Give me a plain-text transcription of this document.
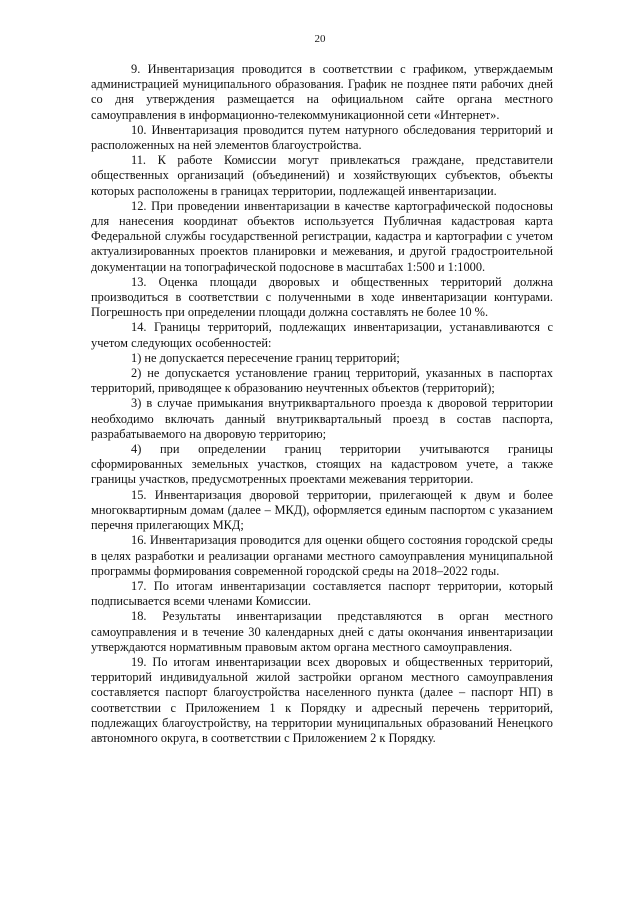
20

9. Инвентаризация проводится в соответствии с графиком, утверждаемым администрацией муниципального образования. График не позднее пяти рабочих дней со дня утверждения размещается на официальном сайте органа местного самоуправления в информационно-телекоммуникационной сети «Интернет».

10. Инвентаризация проводится путем натурного обследования территорий и расположенных на ней элементов благоустройства.

11. К работе Комиссии могут привлекаться граждане, представители общественных организаций (объединений) и хозяйствующих субъектов, объекты которых расположены в границах территории, подлежащей инвентаризации.

12. При проведении инвентаризации в качестве картографической подосновы для нанесения координат объектов используется Публичная кадастровая карта Федеральной службы государственной регистрации, кадастра и картографии с учетом актуализированных проектов планировки и межевания, и другой градостроительной документации на топографической подоснове в масштабах 1:500 и 1:1000.

13. Оценка площади дворовых и общественных территорий должна производиться в соответствии с полученными в ходе инвентаризации контурами. Погрешность при определении площади должна составлять не более 10 %.

14. Границы территорий, подлежащих инвентаризации, устанавливаются с учетом следующих особенностей:

1) не допускается пересечение границ территорий;

2) не допускается установление границ территорий, указанных в паспортах территорий, приводящее к образованию неучтенных объектов (территорий);

3) в случае примыкания внутриквартального проезда к дворовой территории необходимо включать данный внутриквартальный проезд в состав паспорта, разрабатываемого на дворовую территорию;

4) при определении границ территории учитываются границы сформированных земельных участков, стоящих на кадастровом учете, а также границы участков, предусмотренных проектами межевания территории.

15. Инвентаризация дворовой территории, прилегающей к двум и более многоквартирным домам (далее – МКД), оформляется единым паспортом с указанием перечня прилегающих МКД;

16. Инвентаризация проводится для оценки общего состояния городской среды в целях разработки и реализации органами местного самоуправления муниципальной программы формирования современной городской среды на 2018–2022 годы.

17. По итогам инвентаризации составляется паспорт территории, который подписывается всеми членами Комиссии.

18. Результаты инвентаризации представляются в орган местного самоуправления и в течение 30 календарных дней с даты окончания инвентаризации утверждаются нормативным правовым актом органа местного самоуправления.

19. По итогам инвентаризации всех дворовых и общественных территорий, территорий индивидуальной жилой застройки органом местного самоуправления составляется паспорт благоустройства населенного пункта (далее – паспорт НП) в соответствии с Приложением 1 к Порядку и адресный перечень территорий, подлежащих благоустройству, на территории муниципальных образований Ненецкого автономного округа, в соответствии с Приложением 2 к Порядку.
